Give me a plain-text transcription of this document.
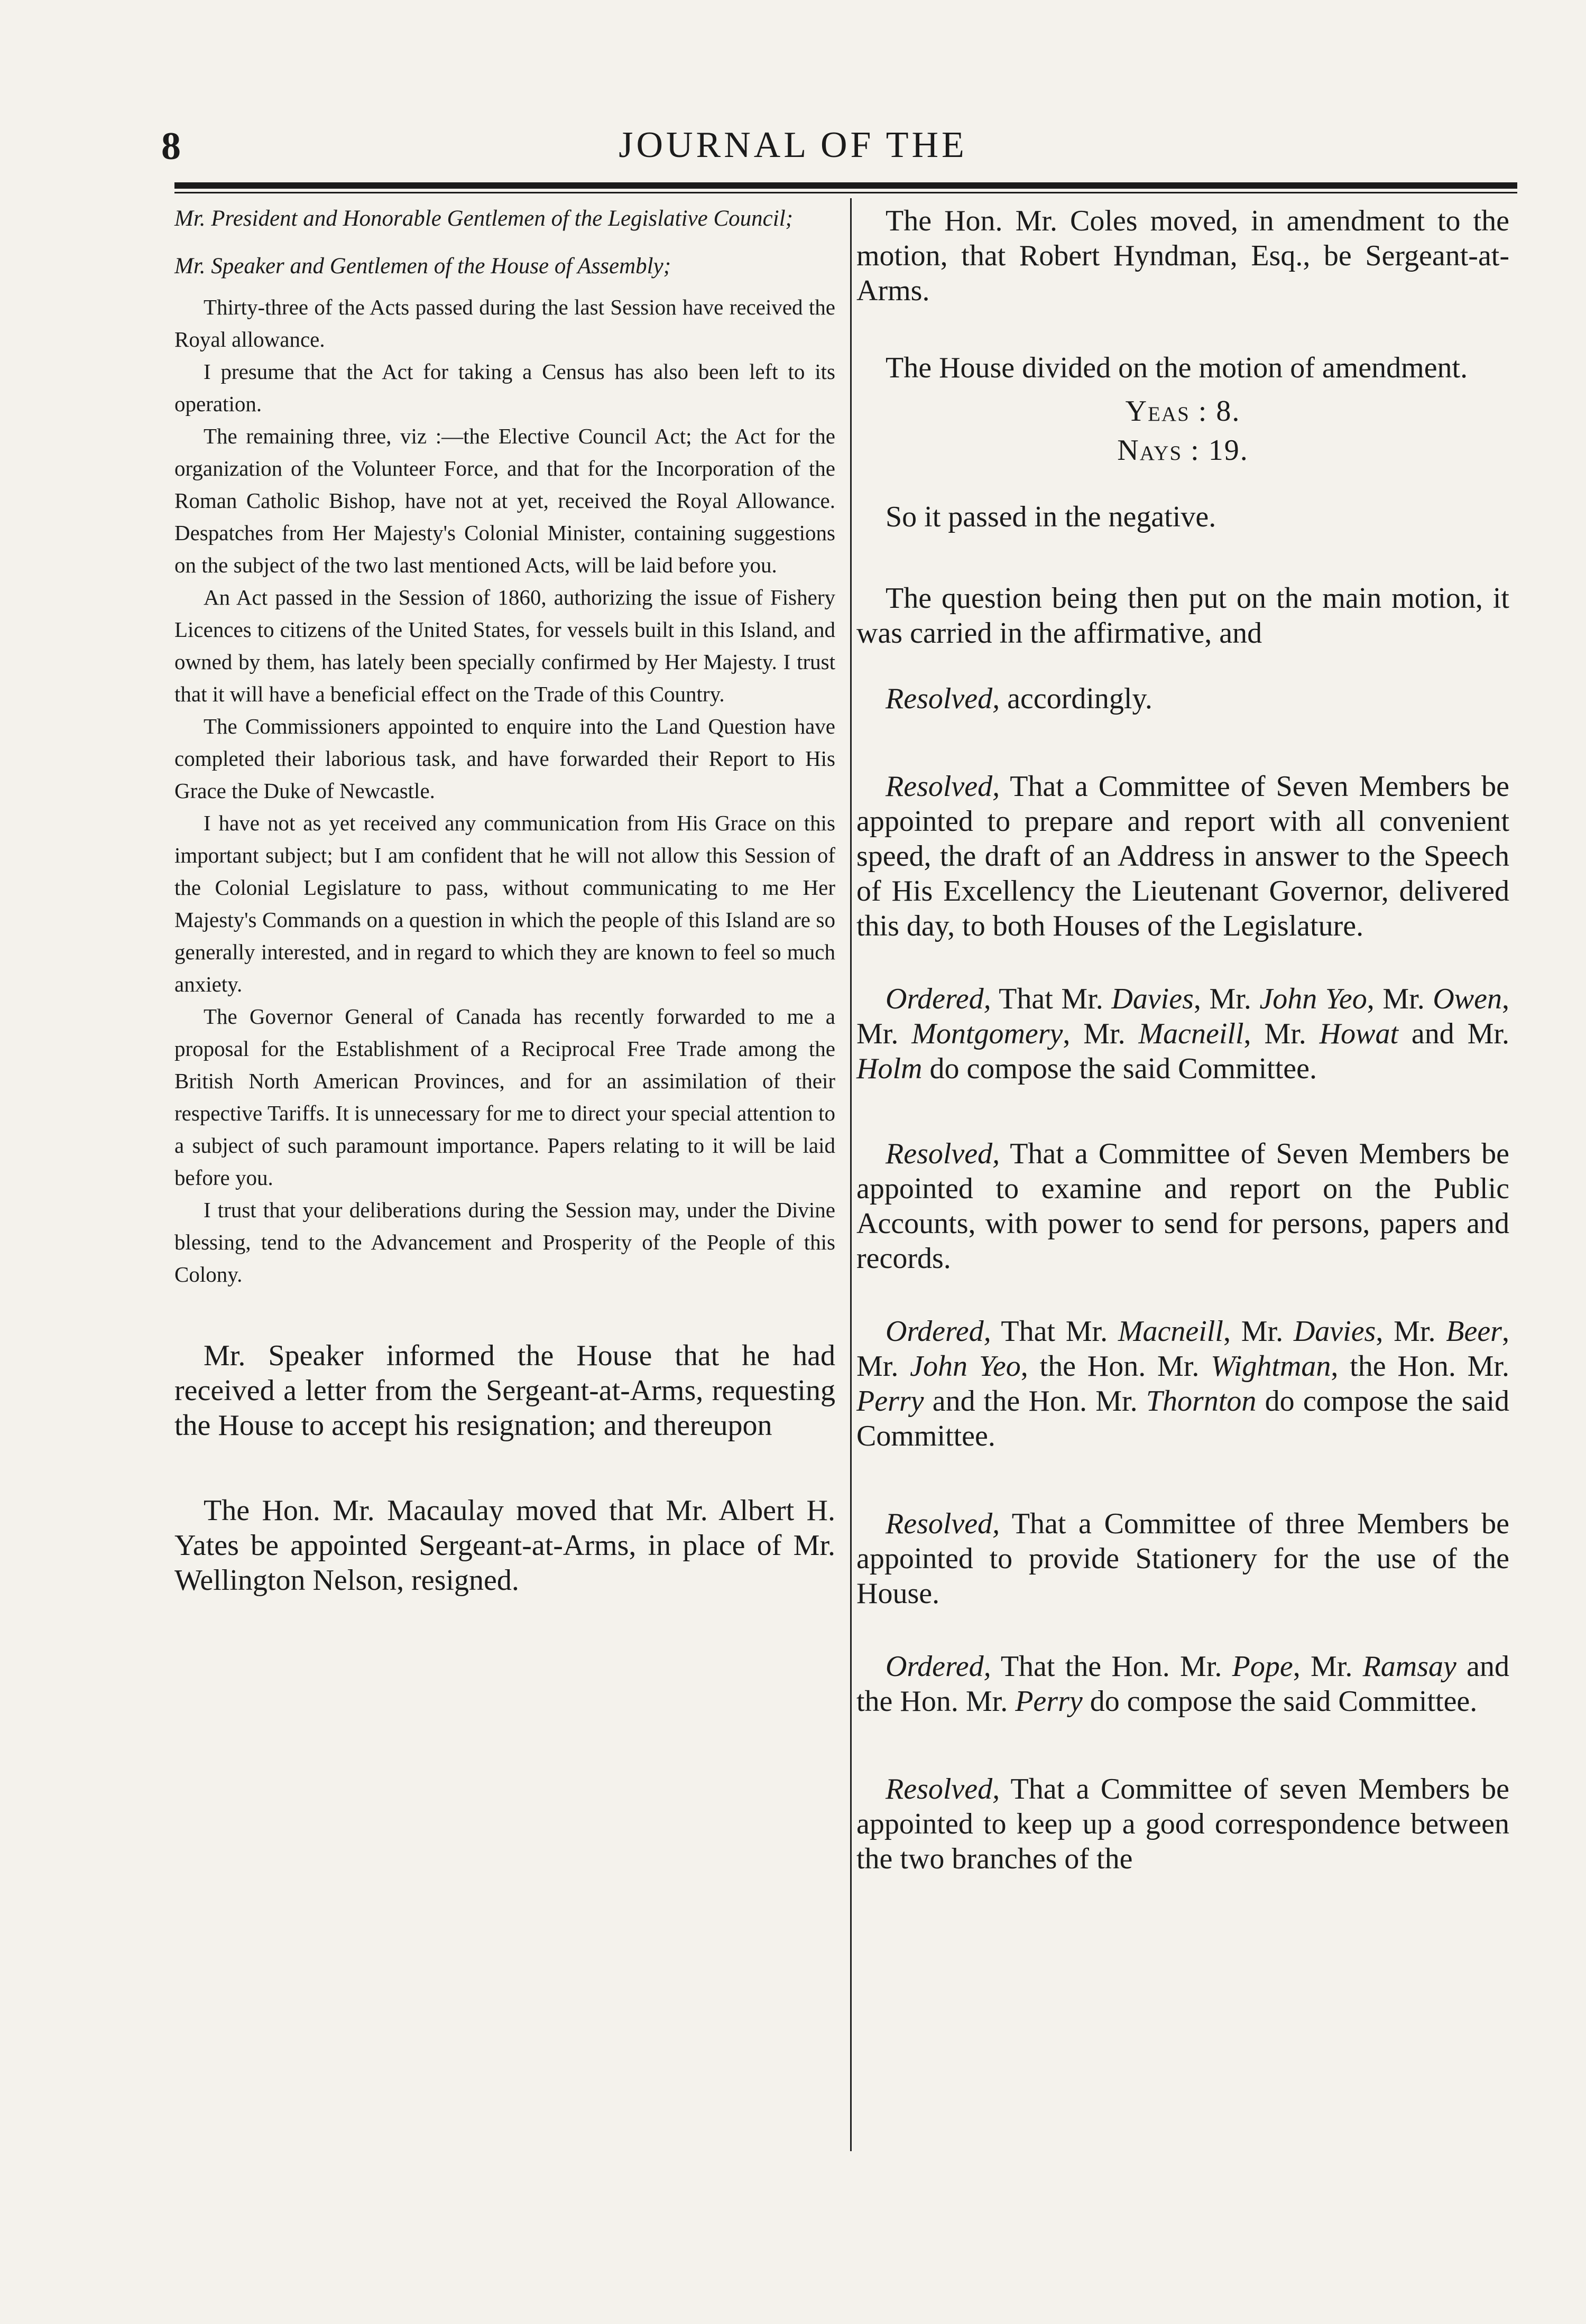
8	JOURNAL OF THE

Mr. President and Honorable Gentlemen of the Legislative Council;

Mr. Speaker and Gentlemen of the House of Assembly;

Thirty-three of the Acts passed during the last Session have received the Royal allowance.

I presume that the Act for taking a Census has also been left to its operation.

The remaining three, viz :—the Elective Council Act; the Act for the organization of the Volunteer Force, and that for the Incorporation of the Roman Catholic Bishop, have not at yet, received the Royal Allowance. Despatches from Her Majesty's Colonial Minister, containing suggestions on the subject of the two last mentioned Acts, will be laid before you.

An Act passed in the Session of 1860, authorizing the issue of Fishery Licences to citizens of the United States, for vessels built in this Island, and owned by them, has lately been specially confirmed by Her Majesty. I trust that it will have a beneficial effect on the Trade of this Country.

The Commissioners appointed to enquire into the Land Question have completed their laborious task, and have forwarded their Report to His Grace the Duke of Newcastle.

I have not as yet received any communication from His Grace on this important subject; but I am confident that he will not allow this Session of the Colonial Legislature to pass, without communicating to me Her Majesty's Commands on a question in which the people of this Island are so generally interested, and in regard to which they are known to feel so much anxiety.

The Governor General of Canada has recently forwarded to me a proposal for the Establishment of a Reciprocal Free Trade among the British North American Provinces, and for an assimilation of their respective Tariffs. It is unnecessary for me to direct your special attention to a subject of such paramount importance. Papers relating to it will be laid before you.

I trust that your deliberations during the Session may, under the Divine blessing, tend to the Advancement and Prosperity of the People of this Colony.

Mr. Speaker informed the House that he had received a letter from the Sergeant-at-Arms, requesting the House to accept his resignation; and thereupon

The Hon. Mr. Macaulay moved that Mr. Albert H. Yates be appointed Sergeant-at-Arms, in place of Mr. Wellington Nelson, resigned.

The Hon. Mr. Coles moved, in amendment to the motion, that Robert Hyndman, Esq., be Sergeant-at-Arms.

The House divided on the motion of amendment.

Yeas : 8.

Nays : 19.

So it passed in the negative.

The question being then put on the main motion, it was carried in the affirmative, and

Resolved, accordingly.

Resolved, That a Committee of Seven Members be appointed to prepare and report with all convenient speed, the draft of an Address in answer to the Speech of His Excellency the Lieutenant Governor, delivered this day, to both Houses of the Legislature.

Ordered, That Mr. Davies, Mr. John Yeo, Mr. Owen, Mr. Montgomery, Mr. Macneill, Mr. Howat and Mr. Holm do compose the said Committee.

Resolved, That a Committee of Seven Members be appointed to examine and report on the Public Accounts, with power to send for persons, papers and records.

Ordered, That Mr. Macneill, Mr. Davies, Mr. Beer, Mr. John Yeo, the Hon. Mr. Wightman, the Hon. Mr. Perry and the Hon. Mr. Thornton do compose the said Committee.

Resolved, That a Committee of three Members be appointed to provide Stationery for the use of the House.

Ordered, That the Hon. Mr. Pope, Mr. Ramsay and the Hon. Mr. Perry do compose the said Committee.

Resolved, That a Committee of seven Members be appointed to keep up a good correspondence between the two branches of the
